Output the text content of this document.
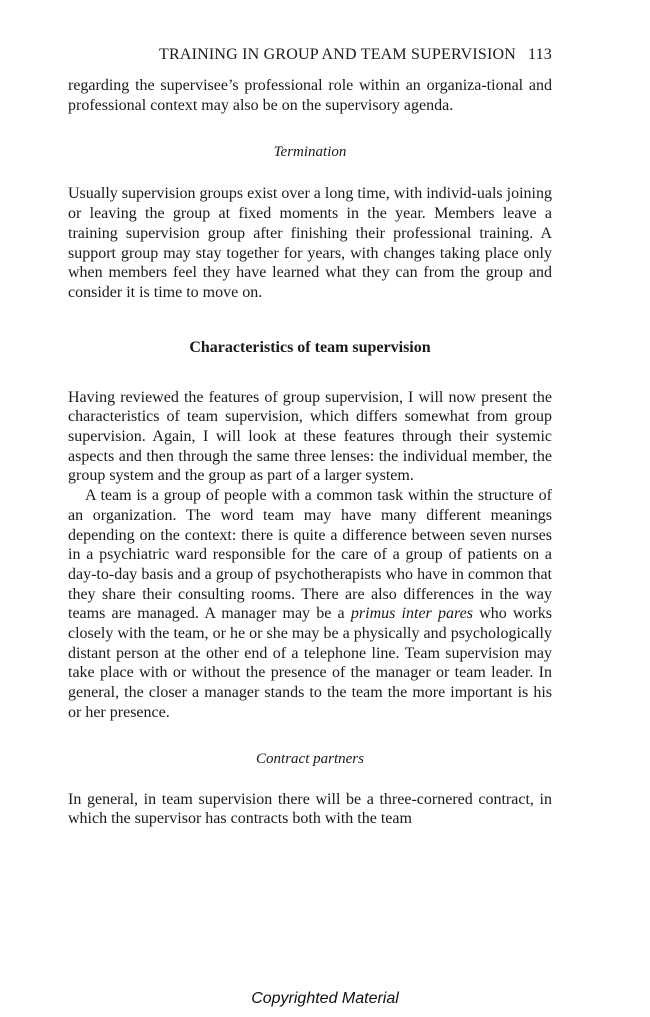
TRAINING IN GROUP AND TEAM SUPERVISION 113

regarding the supervisee’s professional role within an organiza-tional and professional context may also be on the supervisory agenda.

Termination

Usually supervision groups exist over a long time, with individ-uals joining or leaving the group at fixed moments in the year. Members leave a training supervision group after finishing their professional training. A support group may stay together for years, with changes taking place only when members feel they have learned what they can from the group and consider it is time to move on.

Characteristics of team supervision

Having reviewed the features of group supervision, I will now present the characteristics of team supervision, which differs somewhat from group supervision. Again, I will look at these features through their systemic aspects and then through the same three lenses: the individual member, the group system and the group as part of a larger system.

A team is a group of people with a common task within the structure of an organization. The word team may have many different meanings depending on the context: there is quite a difference between seven nurses in a psychiatric ward responsible for the care of a group of patients on a day-to-day basis and a group of psychotherapists who have in common that they share their consulting rooms. There are also differences in the way teams are managed. A manager may be a primus inter pares who works closely with the team, or he or she may be a physically and psychologically distant person at the other end of a telephone line. Team supervision may take place with or without the presence of the manager or team leader. In general, the closer a manager stands to the team the more important is his or her presence.

Contract partners

In general, in team supervision there will be a three-cornered contract, in which the supervisor has contracts both with the team

Copyrighted Material
